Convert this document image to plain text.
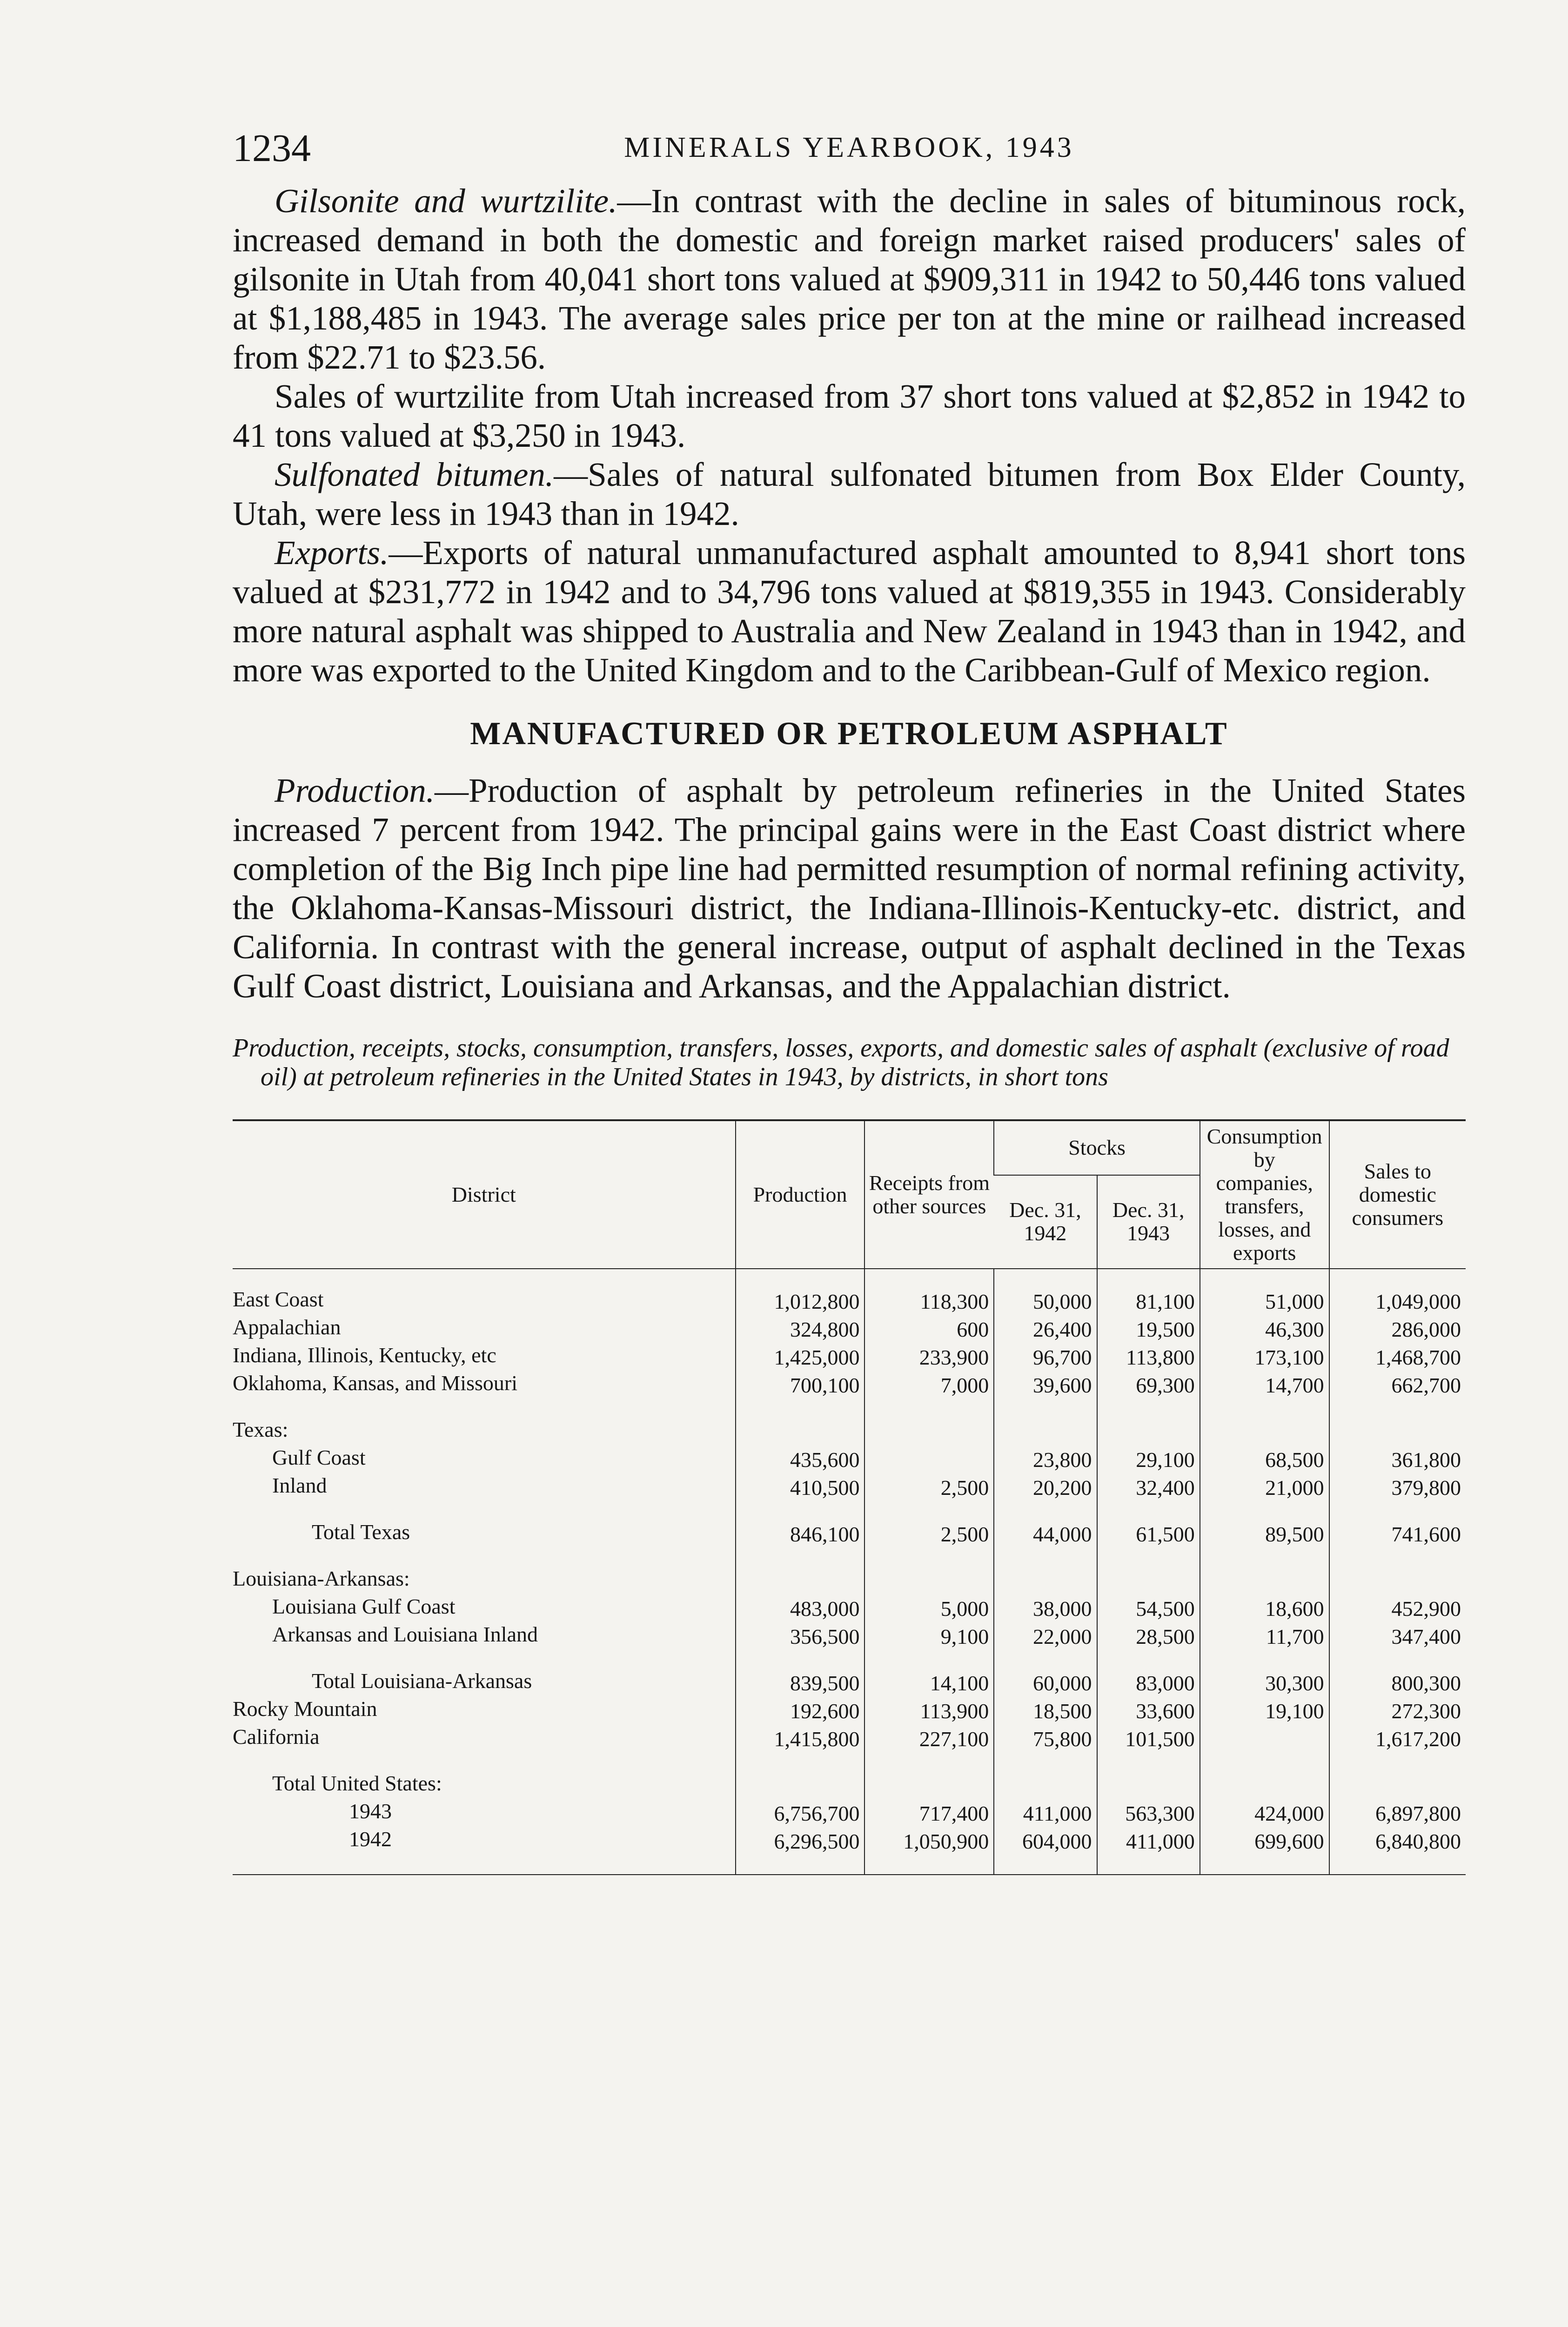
1234	MINERALS YEARBOOK, 1943

Gilsonite and wurtzilite.—In contrast with the decline in sales of bituminous rock, increased demand in both the domestic and foreign market raised producers' sales of gilsonite in Utah from 40,041 short tons valued at $909,311 in 1942 to 50,446 tons valued at $1,188,485 in 1943. The average sales price per ton at the mine or railhead increased from $22.71 to $23.56.

Sales of wurtzilite from Utah increased from 37 short tons valued at $2,852 in 1942 to 41 tons valued at $3,250 in 1943.

Sulfonated bitumen.—Sales of natural sulfonated bitumen from Box Elder County, Utah, were less in 1943 than in 1942.

Exports.—Exports of natural unmanufactured asphalt amounted to 8,941 short tons valued at $231,772 in 1942 and to 34,796 tons valued at $819,355 in 1943. Considerably more natural asphalt was shipped to Australia and New Zealand in 1943 than in 1942, and more was exported to the United Kingdom and to the Caribbean-Gulf of Mexico region.

MANUFACTURED OR PETROLEUM ASPHALT

Production.—Production of asphalt by petroleum refineries in the United States increased 7 percent from 1942. The principal gains were in the East Coast district where completion of the Big Inch pipe line had permitted resumption of normal refining activity, the Oklahoma-Kansas-Missouri district, the Indiana-Illinois-Kentucky-etc. district, and California. In contrast with the general increase, output of asphalt declined in the Texas Gulf Coast district, Louisiana and Arkansas, and the Appalachian district.

Production, receipts, stocks, consumption, transfers, losses, exports, and domestic sales of asphalt (exclusive of road oil) at petroleum refineries in the United States in 1943, by districts, in short tons
District	Production	Receipts from other sources	Stocks		Consumption by companies, transfers, losses, and exports	Sales to domestic consumers
			Dec. 31, 1942	Dec. 31, 1943		

East Coast	1,012,800	118,300	50,000	81,100	51,000	1,049,000
Appalachian	324,800	600	26,400	19,500	46,300	286,000
Indiana, Illinois, Kentucky, etc	1,425,000	233,900	96,700	113,800	173,100	1,468,700
Oklahoma, Kansas, and Missouri	700,100	7,000	39,600	69,300	14,700	662,700

Texas:						
Gulf Coast	435,600		23,800	29,100	68,500	361,800
Inland	410,500	2,500	20,200	32,400	21,000	379,800

Total Texas	846,100	2,500	44,000	61,500	89,500	741,600

Louisiana-Arkansas:						
Louisiana Gulf Coast	483,000	5,000	38,000	54,500	18,600	452,900
Arkansas and Louisiana Inland	356,500	9,100	22,000	28,500	11,700	347,400

Total Louisiana-Arkansas	839,500	14,100	60,000	83,000	30,300	800,300
Rocky Mountain	192,600	113,900	18,500	33,600	19,100	272,300
California	1,415,800	227,100	75,800	101,500		1,617,200

Total United States:						
1943	6,756,700	717,400	411,000	563,300	424,000	6,897,800
1942	6,296,500	1,050,900	604,000	411,000	699,600	6,840,800
